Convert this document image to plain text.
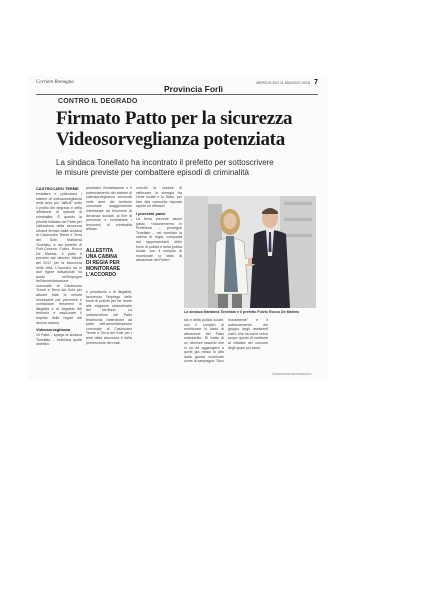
Corriere Romagna
Provincia Forlì
MERCOLEDÌ 11 MAGGIO 2016 7
CONTRO IL DEGRADO
Firmato Patto per la sicurezza
Videosorveglianza potenziata
La sindaca Tonellato ha incontrato il prefetto per sottoscrivere
le misure previste per combattere episodi di criminalità
CASTROCARO TERME
Installare e potenziare i sistemi di videosorveglianza nelle aree più "difficili" sotto il profilo del degrado e della diffusione di episodi di criminalità. È questo la priorità indicata nel Patto per l'attuazione della sicurezza urbana firmato dalla sindaca di Castrocaro Terme e Terra del Sole, Marianna Tonellato, e dal prefetto di Forlì-Cesena Fulvio Rocco De Marinis. Il patto è previsto dal decreto Minniti del 2017 per la sicurezza nelle città. L'incontro tra le due figure istituzionali ha posto nell'impegno dell'amministrazione comunale di Castrocaro Terme e Terra del Sole per attuare tutte le misure necessarie per prevenire e contrastare fenomeni di illegalità e di degrado del territorio e assicurare il rispetto delle regole del decoro urbano.
Videosorveglianza
«Il Patto – spiega la sindaca Tonellato – individua quale obiettivo
prioritario l'installazione e il potenziamento dei sistemi di videosorveglianza comunali nelle aree del territorio comunale maggiormente interessate da fenomeni di devianza sociale, al fine di prevenire e contrastare i fenomeni di criminalità diffusa.
ALLESTITA
UNA CABINA
DI REGIA PER
MONITORARE
L'ACCORDO
e predatoria o di illegalità, favorendo l'impiego delle forze di polizia per far fronte alle esigenze straordinarie del territorio. La sottoscrizione del Patto testimonia l'attenzione da parte dell'amministrazione comunale di Castrocaro Terme e Terra del Sole per i temi della sicurezza e della prevenzione dei reati.
nonché la volontà di rafforzare la sinergia fra l'ente locale e lo Stato, per fare alla comunità risposte rapide ed efficaci».
I prossimi passi
La firma prevede alcuni passi: «Incontreremo in Prefettura – prosegue Tonellato – nel comitato la cabina di regia, composta dai rappresentanti delle forze di polizia e della polizia locale, con il compito di monitorare lo stato di attuazione del Patto».
La sindaca Marianna Tonellato e il prefetto Fulvio Rocco De Marinis
kia e della polizia locale, con il compito di monitorare lo stato di attuazione del Patto sottoscritto. Si tratta di un ulteriore tassello che si va ad aggiungere a quelli già messi in atto dalla giunta comunale come la campagna "Sicu
rezzamente" e il potenziamento del gruppo degli assistenti civici, che ha come unico scopo quello di restituire ai cittadini del comune degli spazi più sicuri.
©RIPRODUZIONE RISERVATA
